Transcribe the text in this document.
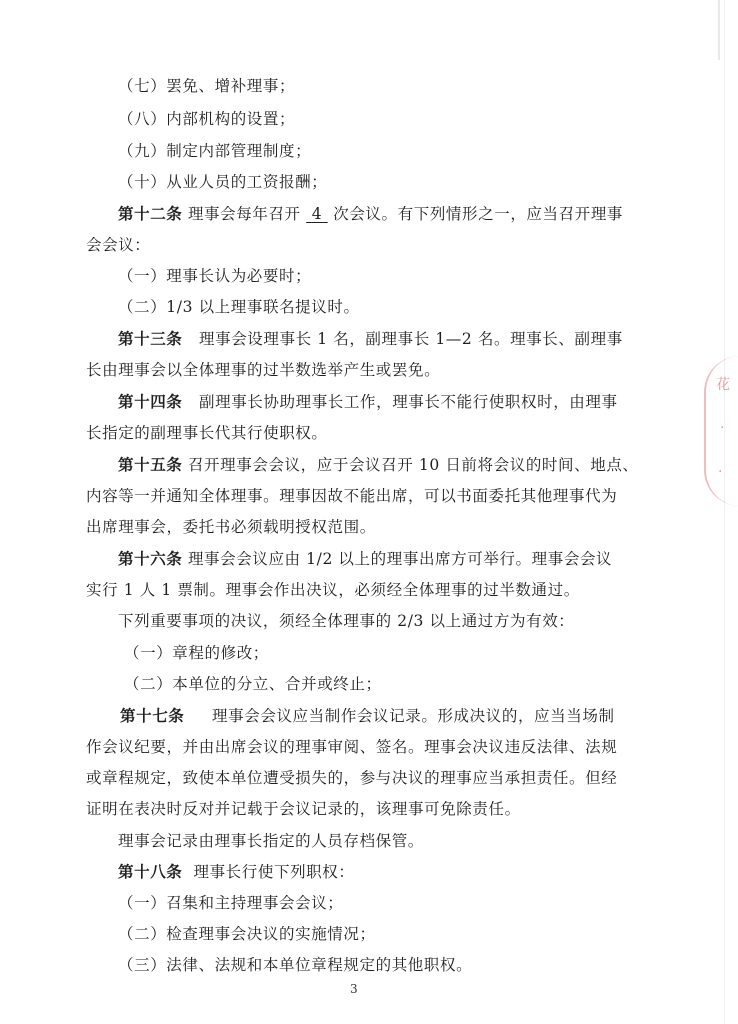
花
·
·
（七）罢免、增补理事；
（八）内部机构的设置；
（九）制定内部管理制度；
（十）从业人员的工资报酬；
第十二条 理事会每年召开 4 次会议。有下列情形之一，应当召开理事
会会议：
（一）理事长认为必要时；
（二）1/3 以上理事联名提议时。
第十三条 理事会设理事长 1 名，副理事长 1—2 名。理事长、副理事
长由理事会以全体理事的过半数选举产生或罢免。
第十四条 副理事长协助理事长工作，理事长不能行使职权时，由理事
长指定的副理事长代其行使职权。
第十五条 召开理事会会议，应于会议召开 10 日前将会议的时间、地点、
内容等一并通知全体理事。理事因故不能出席，可以书面委托其他理事代为
出席理事会，委托书必须载明授权范围。
第十六条 理事会会议应由 1/2 以上的理事出席方可举行。理事会会议
实行 1 人 1 票制。理事会作出决议，必须经全体理事的过半数通过。
下列重要事项的决议，须经全体理事的 2/3 以上通过方为有效：
（一）章程的修改；
（二）本单位的分立、合并或终止；
第十七条 理事会会议应当制作会议记录。形成决议的，应当当场制
作会议纪要，并由出席会议的理事审阅、签名。理事会决议违反法律、法规
或章程规定，致使本单位遭受损失的，参与决议的理事应当承担责任。但经
证明在表决时反对并记载于会议记录的，该理事可免除责任。
理事会记录由理事长指定的人员存档保管。
第十八条 理事长行使下列职权：
（一）召集和主持理事会会议；
（二）检查理事会决议的实施情况；
（三）法律、法规和本单位章程规定的其他职权。
3
